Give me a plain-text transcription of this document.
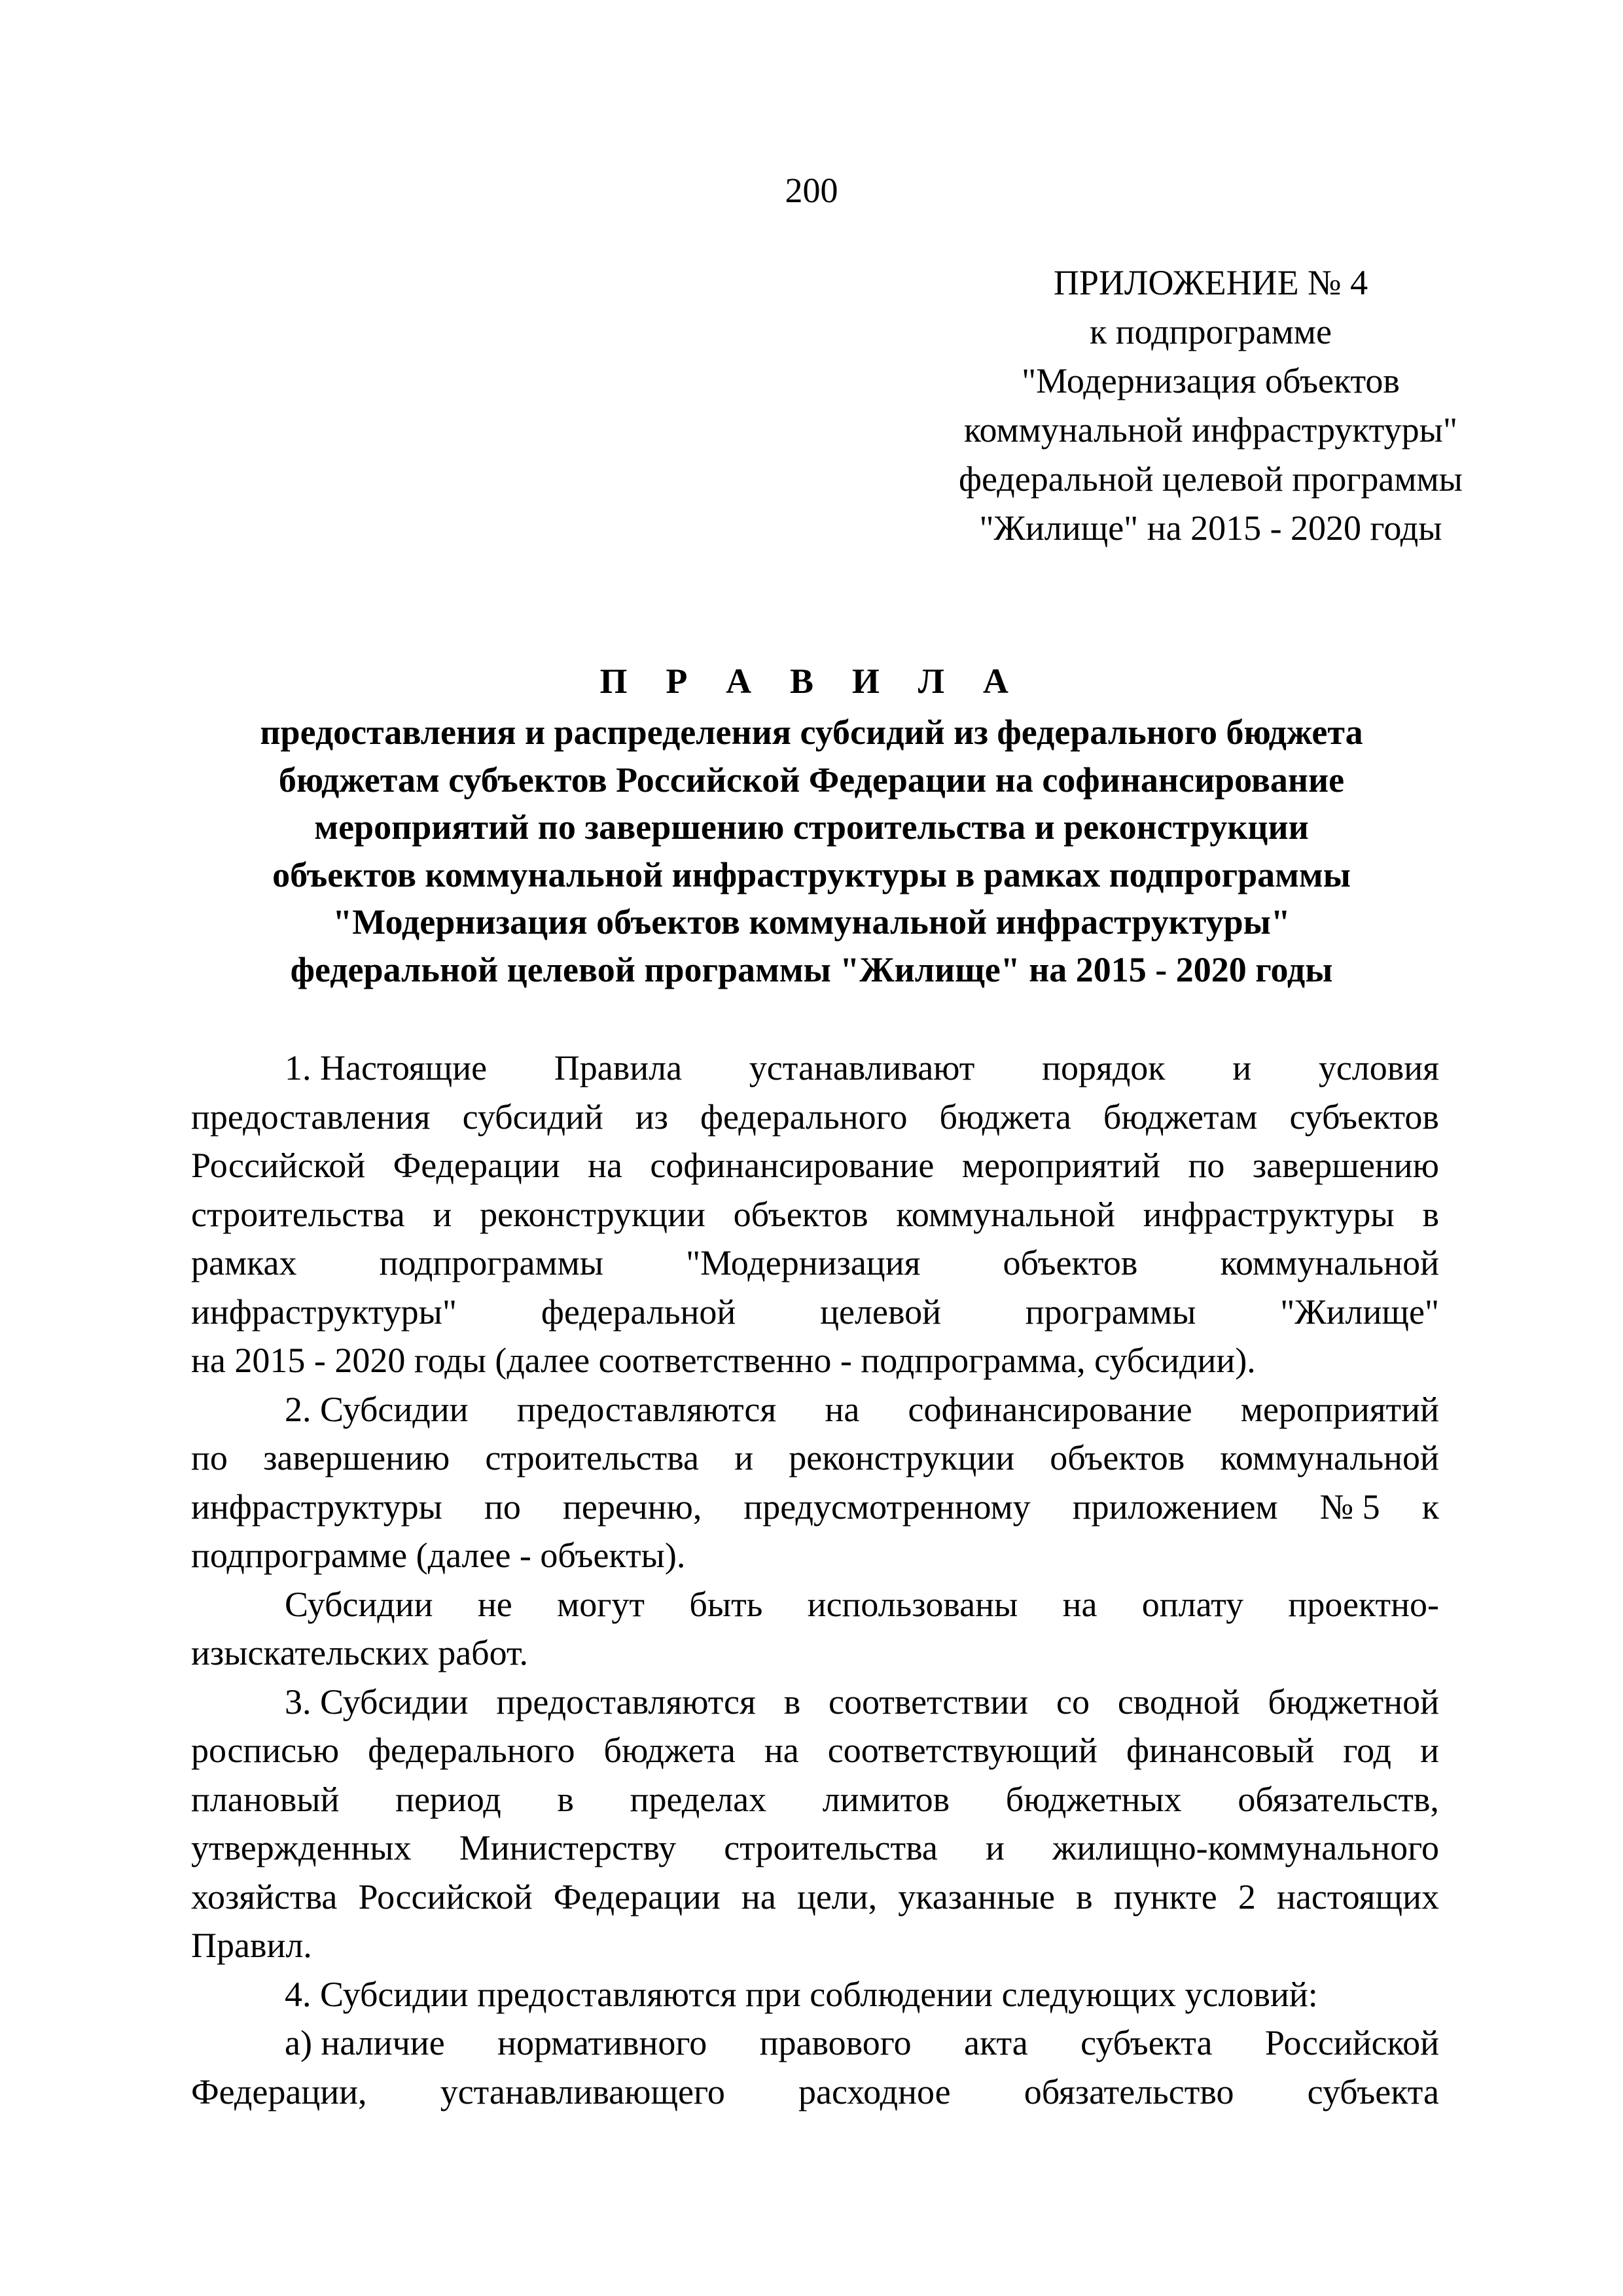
200
ПРИЛОЖЕНИЕ № 4
к подпрограмме
"Модернизация объектов
коммунальной инфраструктуры"
федеральной целевой программы
"Жилище" на 2015 - 2020 годы
П Р А В И Л А
предоставления и распределения субсидий из федерального бюджета
бюджетам субъектов Российской Федерации на софинансирование
мероприятий по завершению строительства и реконструкции
объектов коммунальной инфраструктуры в рамках подпрограммы
"Модернизация объектов коммунальной инфраструктуры"
федеральной целевой программы "Жилище" на 2015 - 2020 годы
1. Настоящие Правила устанавливают порядок и условия
предоставления субсидий из федерального бюджета бюджетам субъектов
Российской Федерации на софинансирование мероприятий по завершению
строительства и реконструкции объектов коммунальной инфраструктуры в
рамках подпрограммы "Модернизация объектов коммунальной
инфраструктуры" федеральной целевой программы "Жилище"
на 2015 - 2020 годы (далее соответственно - подпрограмма, субсидии).
2. Субсидии предоставляются на софинансирование мероприятий
по завершению строительства и реконструкции объектов коммунальной
инфраструктуры по перечню, предусмотренному приложением № 5 к
подпрограмме (далее - объекты).
Субсидии не могут быть использованы на оплату проектно-
изыскательских работ.
3. Субсидии предоставляются в соответствии со сводной бюджетной
росписью федерального бюджета на соответствующий финансовый год и
плановый период в пределах лимитов бюджетных обязательств,
утвержденных Министерству строительства и жилищно-коммунального
хозяйства Российской Федерации на цели, указанные в пункте 2 настоящих
Правил.
4. Субсидии предоставляются при соблюдении следующих условий:
а) наличие нормативного правового акта субъекта Российской
Федерации, устанавливающего расходное обязательство субъекта
